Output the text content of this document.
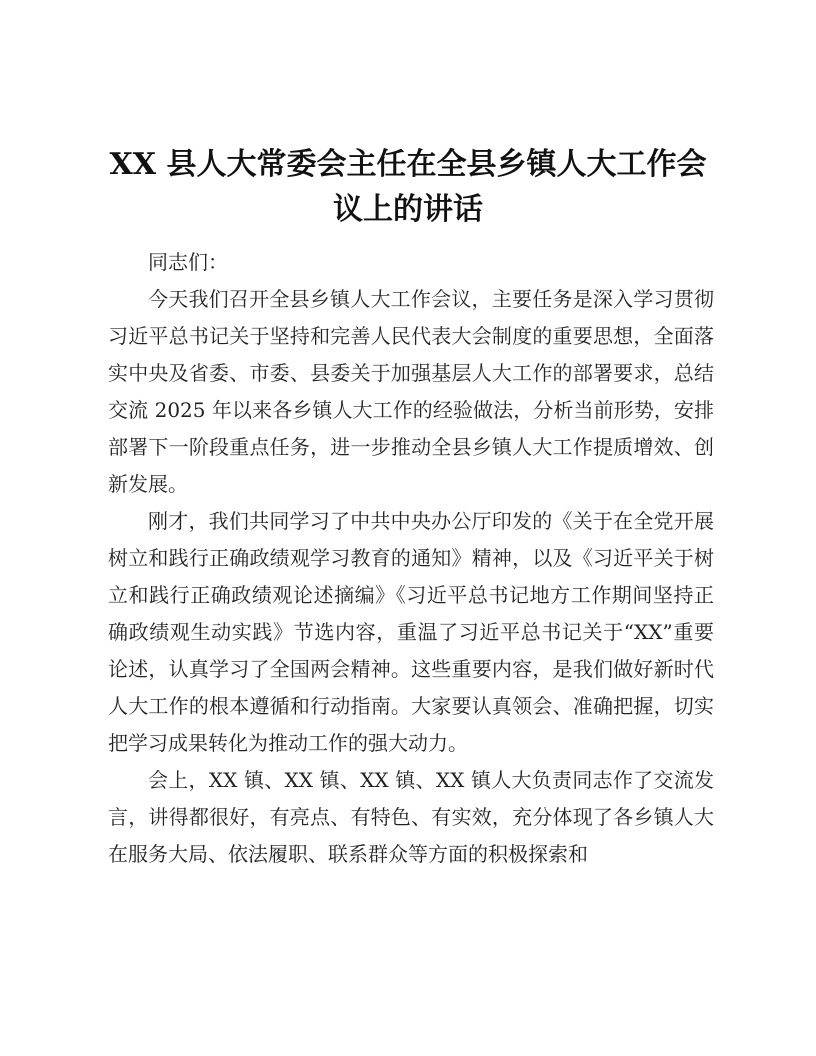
XX 县人大常委会主任在全县乡镇人大工作会议上的讲话

同志们：

今天我们召开全县乡镇人大工作会议，主要任务是深入学习贯彻习近平总书记关于坚持和完善人民代表大会制度的重要思想，全面落实中央及省委、市委、县委关于加强基层人大工作的部署要求，总结交流 2025 年以来各乡镇人大工作的经验做法，分析当前形势，安排部署下一阶段重点任务，进一步推动全县乡镇人大工作提质增效、创新发展。

刚才，我们共同学习了中共中央办公厅印发的《关于在全党开展树立和践行正确政绩观学习教育的通知》精神，以及《习近平关于树立和践行正确政绩观论述摘编》《习近平总书记地方工作期间坚持正确政绩观生动实践》节选内容，重温了习近平总书记关于“XX”重要论述，认真学习了全国两会精神。这些重要内容，是我们做好新时代人大工作的根本遵循和行动指南。大家要认真领会、准确把握，切实把学习成果转化为推动工作的强大动力。

会上，XX 镇、XX 镇、XX 镇、XX 镇人大负责同志作了交流发言，讲得都很好，有亮点、有特色、有实效，充分体现了各乡镇人大在服务大局、依法履职、联系群众等方面的积极探索和
